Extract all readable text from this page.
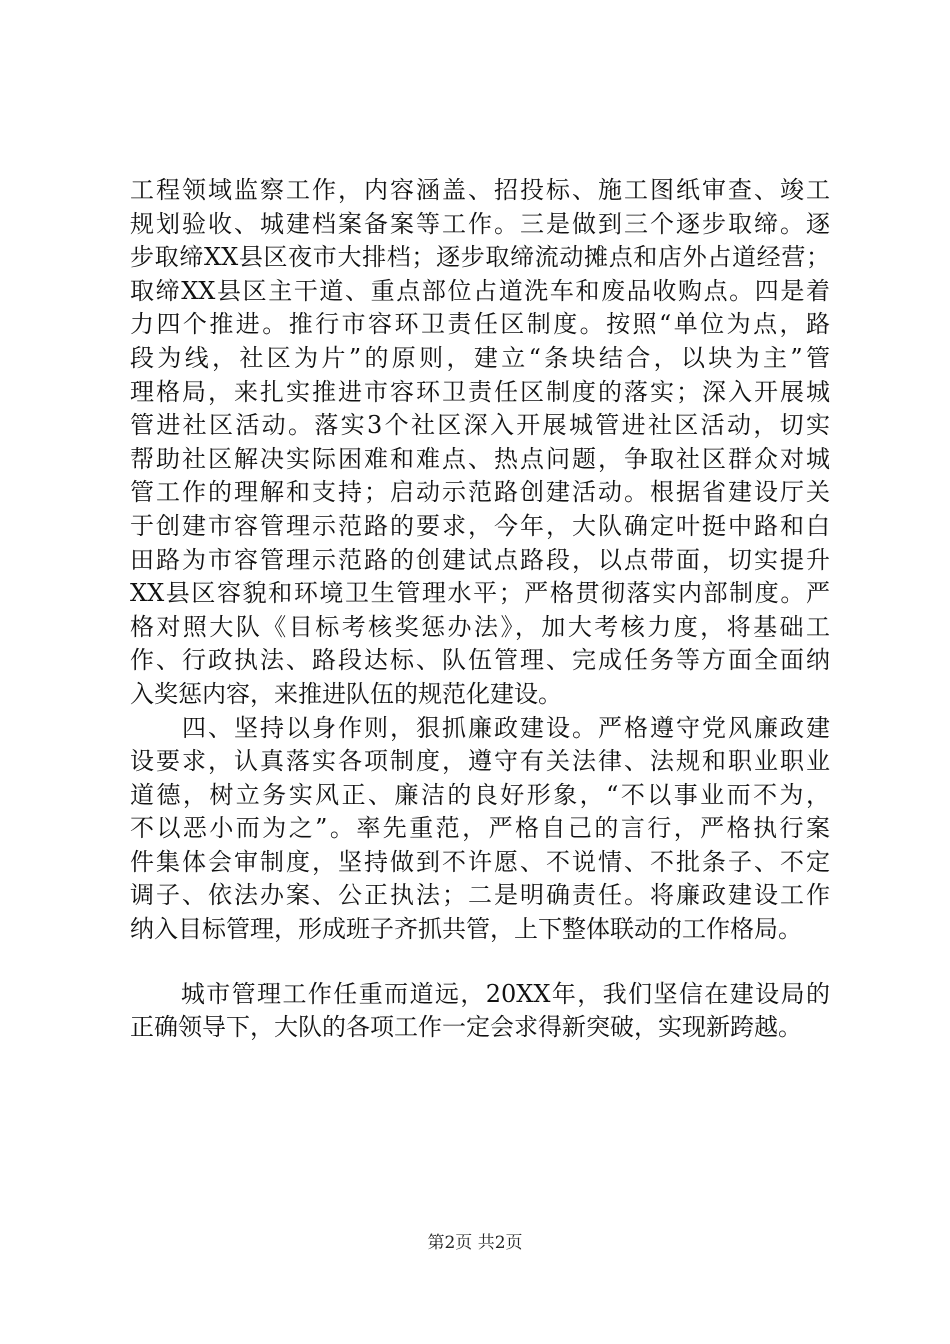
工程领域监察工作，内容涵盖、招投标、施工图纸审查、竣工
规划验收、城建档案备案等工作。三是做到三个逐步取缔。逐
步取缔XX县区夜市大排档；逐步取缔流动摊点和店外占道经营；
取缔XX县区主干道、重点部位占道洗车和废品收购点。四是着
力四个推进。推行市容环卫责任区制度。按照“单位为点，路
段为线，社区为片”的原则，建立“条块结合，以块为主”管
理格局，来扎实推进市容环卫责任区制度的落实；深入开展城
管进社区活动。落实3个社区深入开展城管进社区活动，切实
帮助社区解决实际困难和难点、热点问题，争取社区群众对城
管工作的理解和支持；启动示范路创建活动。根据省建设厅关
于创建市容管理示范路的要求，今年，大队确定叶挺中路和白
田路为市容管理示范路的创建试点路段，以点带面，切实提升
XX县区容貌和环境卫生管理水平；严格贯彻落实内部制度。严
格对照大队《目标考核奖惩办法》，加大考核力度，将基础工
作、行政执法、路段达标、队伍管理、完成任务等方面全面纳
入奖惩内容，来推进队伍的规范化建设。
　　四、坚持以身作则，狠抓廉政建设。严格遵守党风廉政建
设要求，认真落实各项制度，遵守有关法律、法规和职业职业
道德，树立务实风正、廉洁的良好形象，“不以事业而不为，
不以恶小而为之”。率先重范，严格自己的言行，严格执行案
件集体会审制度，坚持做到不许愿、不说情、不批条子、不定
调子、依法办案、公正执法；二是明确责任。将廉政建设工作
纳入目标管理，形成班子齐抓共管，上下整体联动的工作格局。
　　城市管理工作任重而道远，20XX年，我们坚信在建设局的
正确领导下，大队的各项工作一定会求得新突破，实现新跨越。
第2页 共2页
